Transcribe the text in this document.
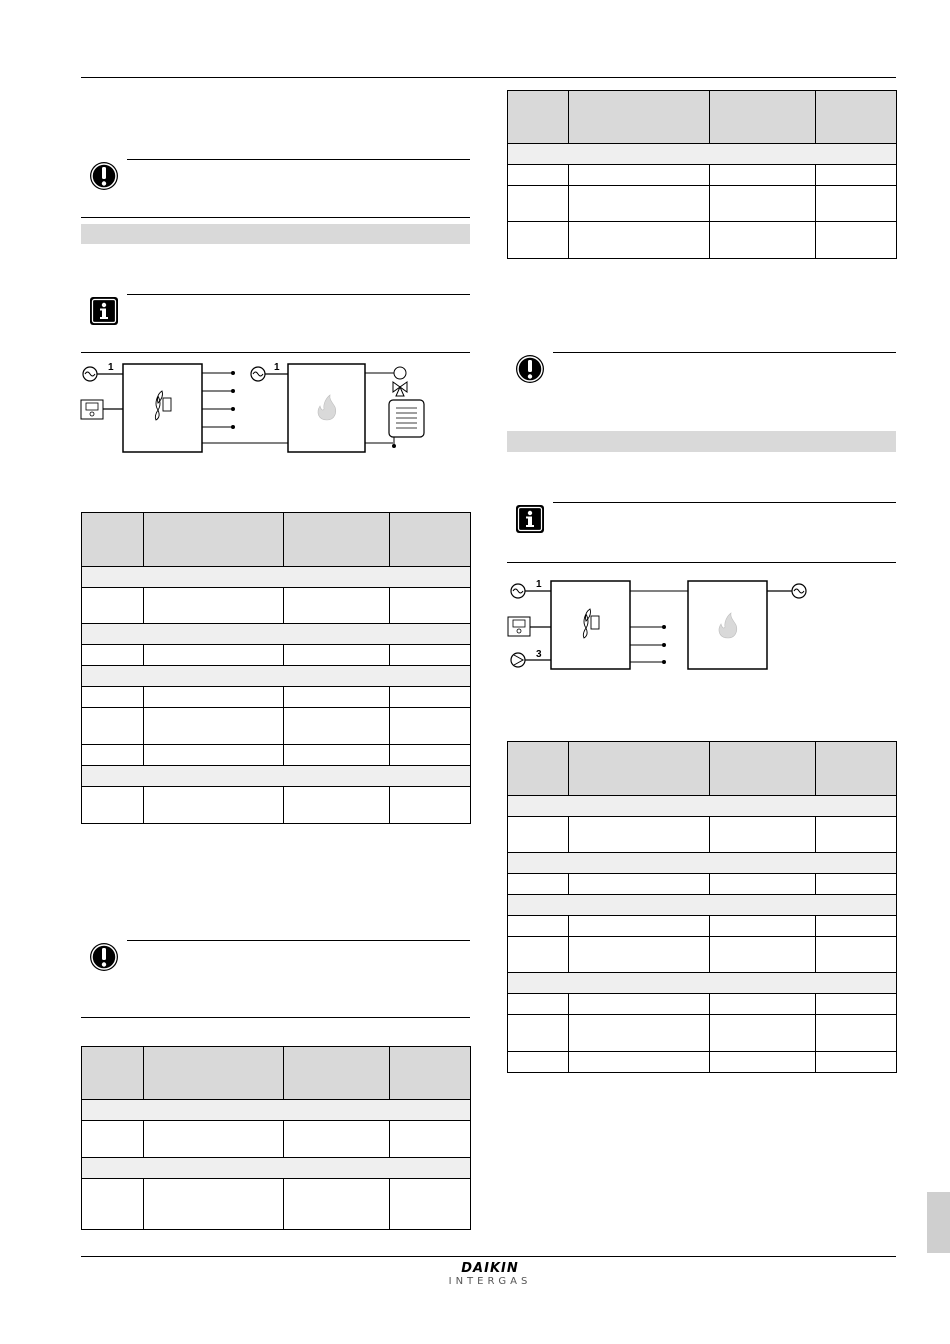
1	1

1
3

DAIKIN
INTERGAS
